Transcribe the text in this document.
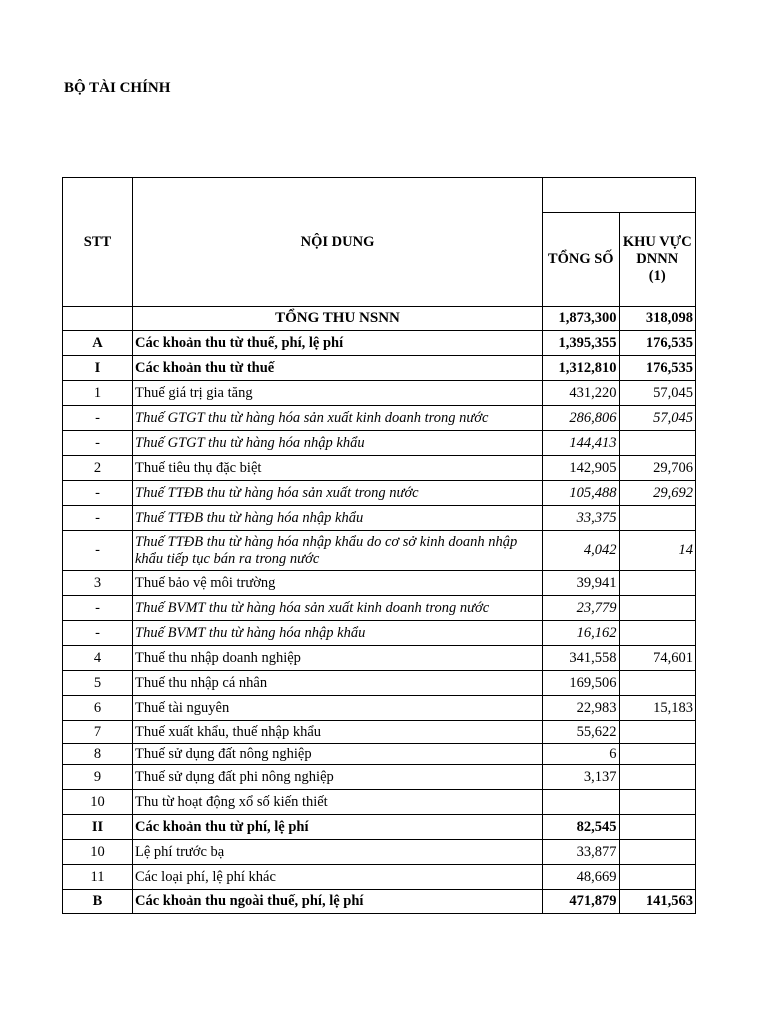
BỘ TÀI CHÍNH
STT	NỘI DUNG		
		TỔNG SỐ	KHU VỰC
DNNN
(1)
	TỔNG THU NSNN	1,873,300	318,098
A	Các khoản thu từ thuế, phí, lệ phí	1,395,355	176,535
I	Các khoản thu từ thuế	1,312,810	176,535
1	Thuế giá trị gia tăng	431,220	57,045
-	Thuế GTGT thu từ hàng hóa sản xuất kinh doanh trong nước	286,806	57,045
-	Thuế GTGT thu từ hàng hóa nhập khẩu	144,413	
2	Thuế tiêu thụ đặc biệt	142,905	29,706
-	Thuế TTĐB thu từ hàng hóa sản xuất trong nước	105,488	29,692
-	Thuế TTĐB thu từ hàng hóa nhập khẩu	33,375	
-	Thuế TTĐB thu từ hàng hóa nhập khẩu do cơ sở kinh doanh nhập khẩu tiếp tục bán ra trong nước	4,042	14
3	Thuế bảo vệ môi trường	39,941	
-	Thuế BVMT thu từ hàng hóa sản xuất kinh doanh trong nước	23,779	
-	Thuế BVMT thu từ hàng hóa nhập khẩu	16,162	
4	Thuế thu nhập doanh nghiệp	341,558	74,601
5	Thuế thu nhập cá nhân	169,506	
6	Thuế tài nguyên	22,983	15,183
7	Thuế xuất khẩu, thuế nhập khẩu	55,622	
8	Thuế sử dụng đất nông nghiệp	6	
9	Thuế sử dụng đất phi nông nghiệp	3,137	
10	Thu từ hoạt động xổ số kiến thiết		
II	Các khoản thu từ phí, lệ phí	82,545	
10	Lệ phí trước bạ	33,877	
11	Các loại phí, lệ phí khác	48,669	
B	Các khoản thu ngoài thuế, phí, lệ phí	471,879	141,563
